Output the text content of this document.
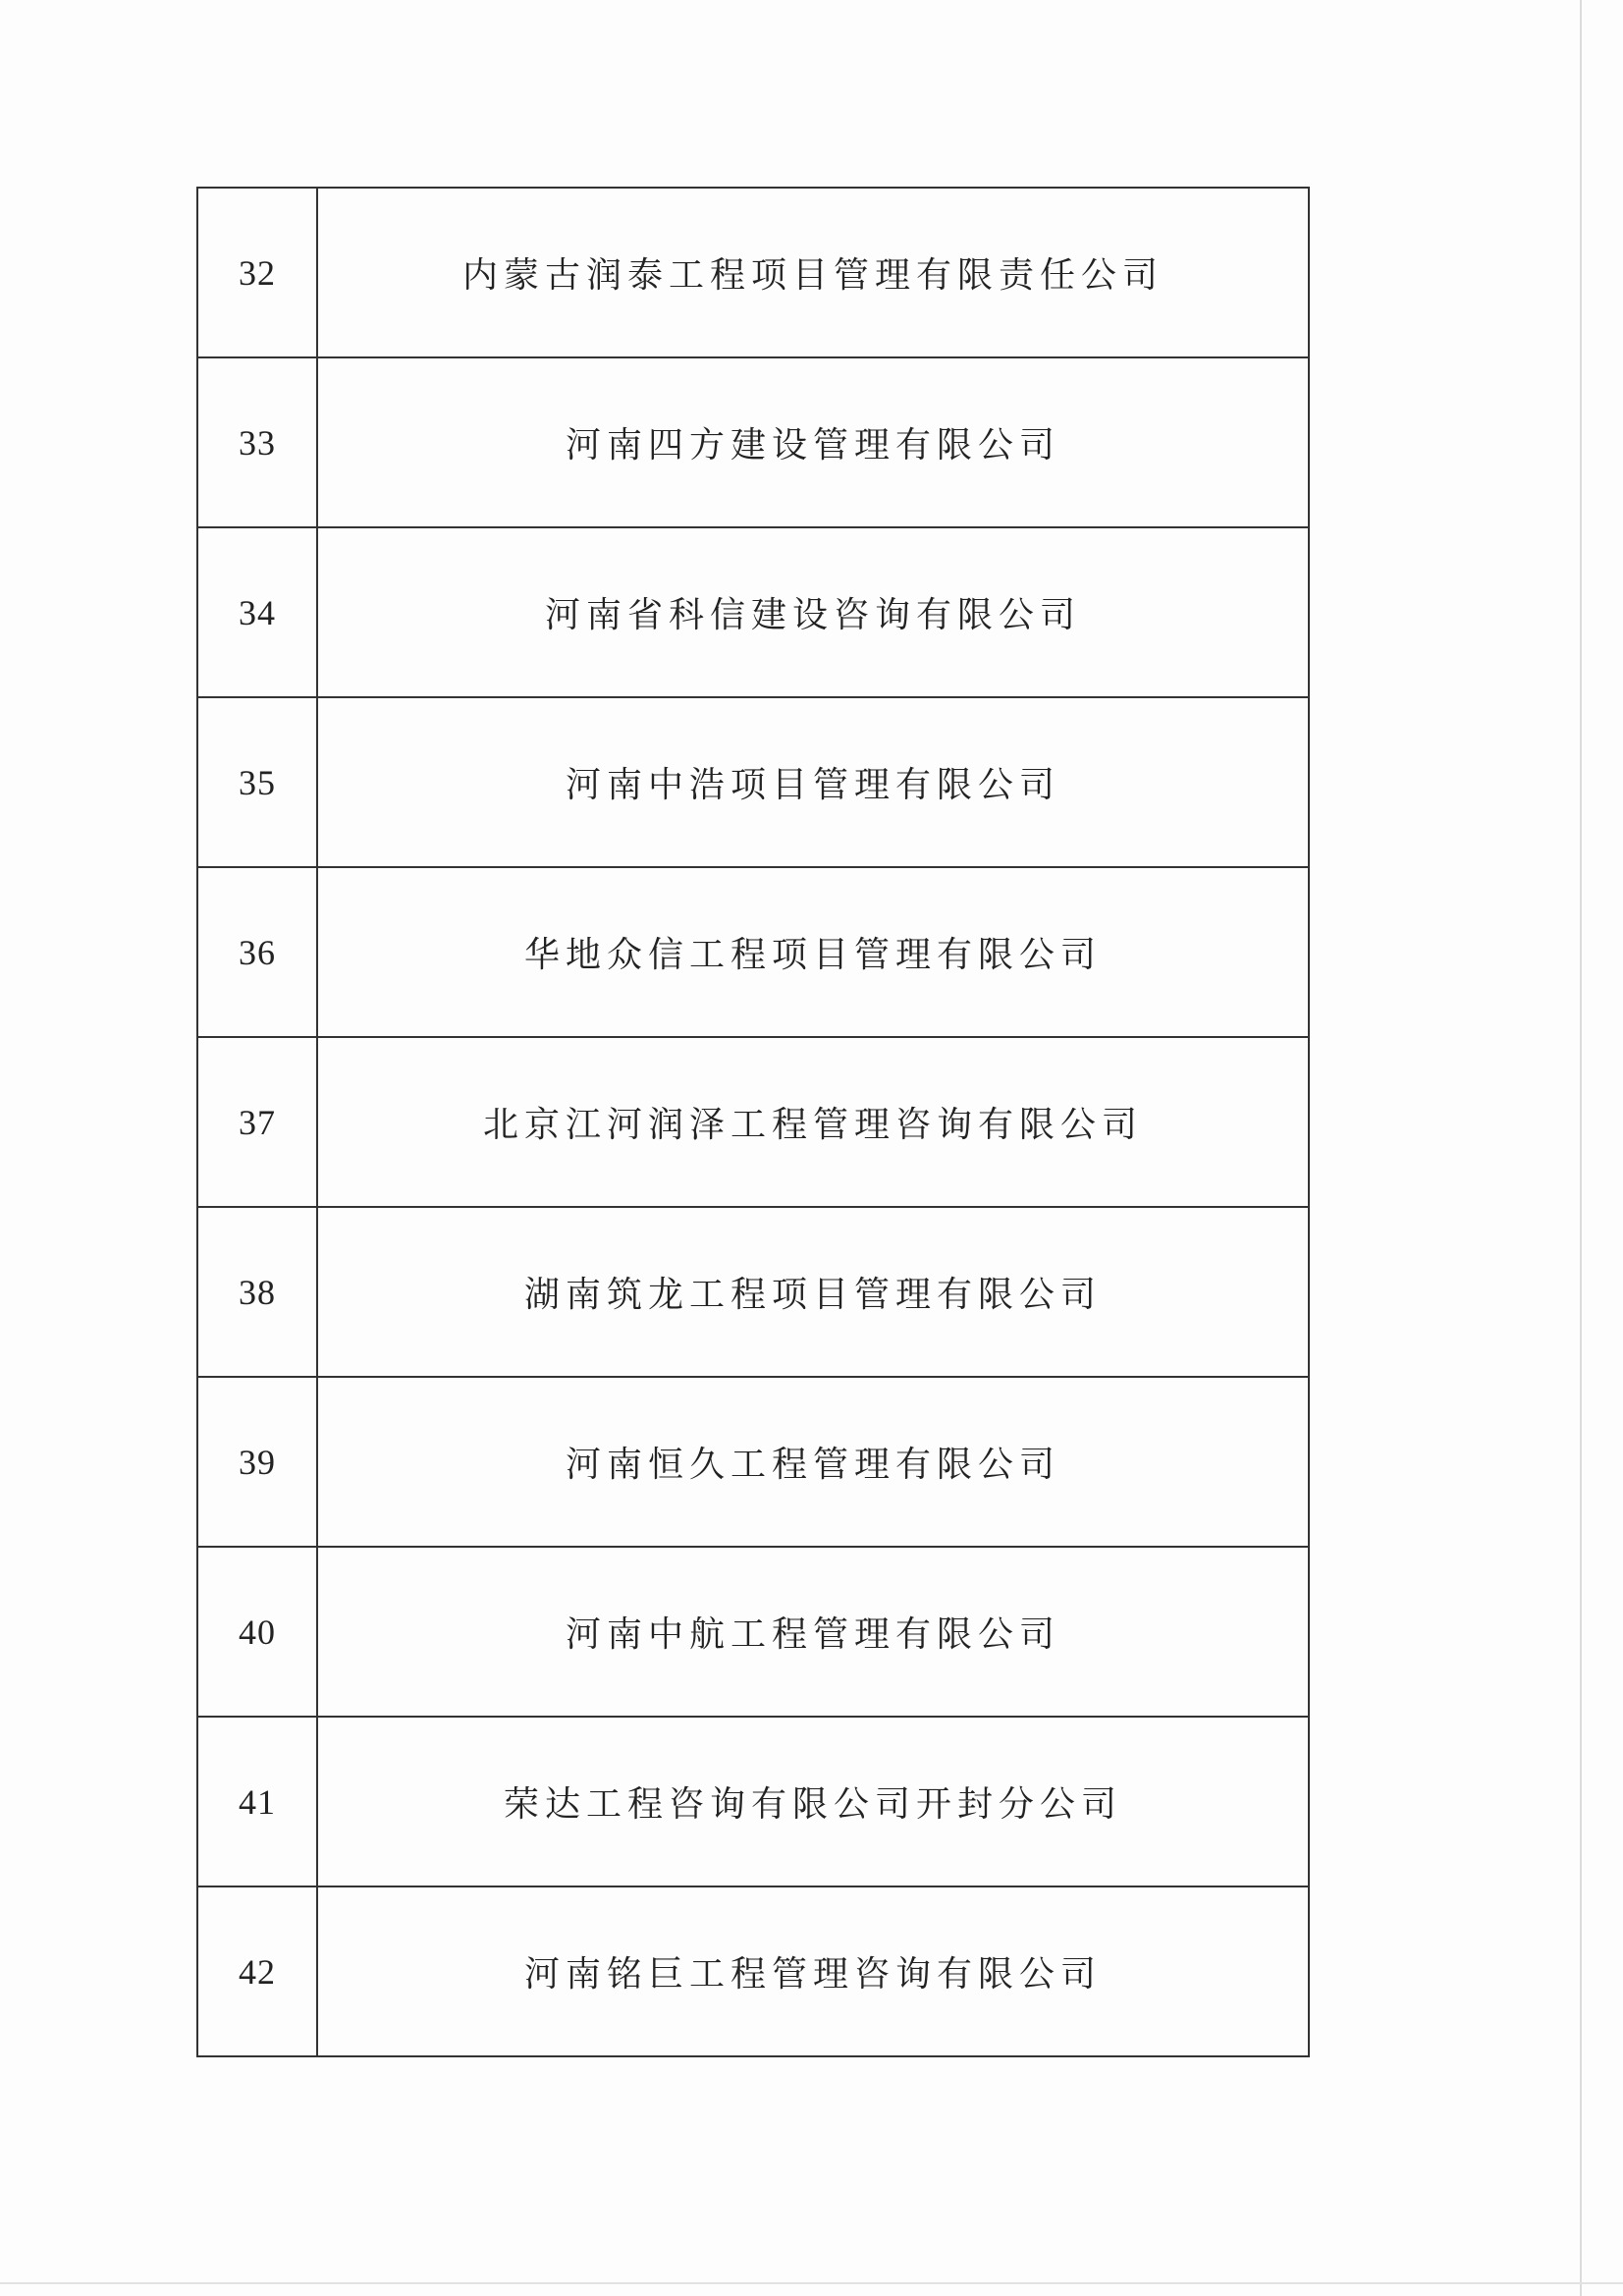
32	内蒙古润泰工程项目管理有限责任公司
33	河南四方建设管理有限公司
34	河南省科信建设咨询有限公司
35	河南中浩项目管理有限公司
36	华地众信工程项目管理有限公司
37	北京江河润泽工程管理咨询有限公司
38	湖南筑龙工程项目管理有限公司
39	河南恒久工程管理有限公司
40	河南中航工程管理有限公司
41	荣达工程咨询有限公司开封分公司
42	河南铭巨工程管理咨询有限公司
